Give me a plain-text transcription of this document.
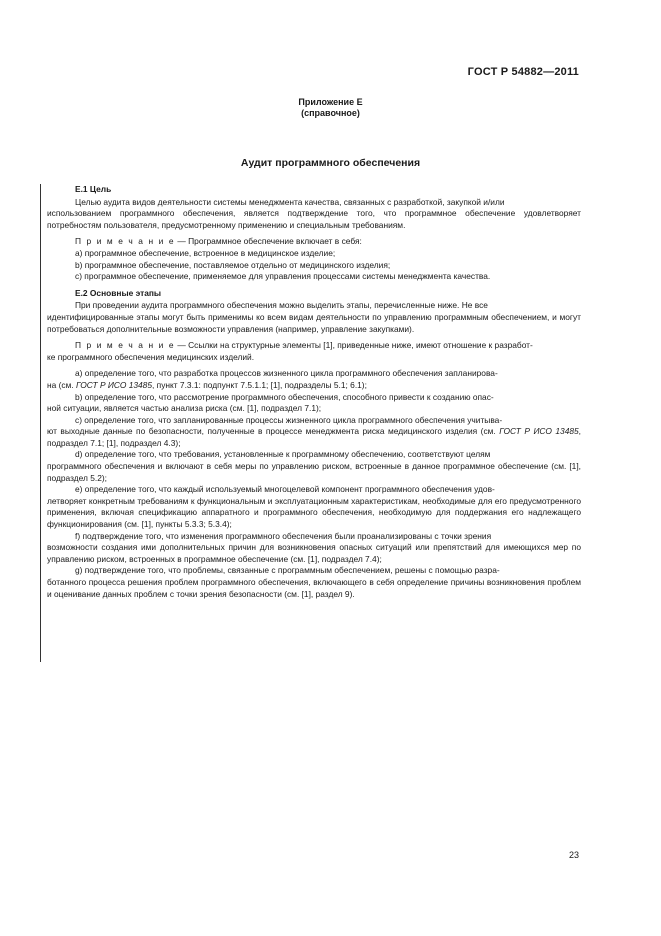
ГОСТ Р 54882—2011
Приложение Е
(справочное)
Аудит программного обеспечения

Е.1 Цель

Целью аудита видов деятельности системы менеджмента качества, связанных с разработкой, закупкой и/или

использованием программного обеспечения, является подтверждение того, что программное обеспечение удовлетворяет потребностям пользователя, предусмотренному применению и специальным требованиям.

П р и м е ч а н и е — Программное обеспечение включает в себя:

a) программное обеспечение, встроенное в медицинское изделие;

b) программное обеспечение, поставляемое отдельно от медицинского изделия;

c) программное обеспечение, применяемое для управления процессами системы менеджмента качества.

Е.2 Основные этапы

При проведении аудита программного обеспечения можно выделить этапы, перечисленные ниже. Не все

идентифицированные этапы могут быть применимы ко всем видам деятельности по управлению программным обеспечением, и могут потребоваться дополнительные возможности управления (например, управление закупками).

П р и м е ч а н и е — Ссылки на структурные элементы [1], приведенные ниже, имеют отношение к разработ-

ке программного обеспечения медицинских изделий.

a) определение того, что разработка процессов жизненного цикла программного обеспечения запланирова-

на (см. ГОСТ Р ИСО 13485, пункт 7.3.1: подпункт 7.5.1.1; [1], подразделы 5.1; 6.1);

b) определение того, что рассмотрение программного обеспечения, способного привести к созданию опас-

ной ситуации, является частью анализа риска (см. [1], подраздел 7.1);

c) определение того, что запланированные процессы жизненного цикла программного обеспечения учитыва-

ют выходные данные по безопасности, полученные в процессе менеджмента риска медицинского изделия (см. ГОСТ Р ИСО 13485, подраздел 7.1; [1], подраздел 4.3);

d) определение того, что требования, установленные к программному обеспечению, соответствуют целям

программного обеспечения и включают в себя меры по управлению риском, встроенные в данное программное обеспечение (см. [1], подраздел 5.2);

e) определение того, что каждый используемый многоцелевой компонент программного обеспечения удов-

летворяет конкретным требованиям к функциональным и эксплуатационным характеристикам, необходимые для его предусмотренного применения, включая спецификацию аппаратного и программного обеспечения, необходимую для поддержания его надлежащего функционирования (см. [1], пункты 5.3.3; 5.3.4);

f) подтверждение того, что изменения программного обеспечения были проанализированы с точки зрения

возможности создания ими дополнительных причин для возникновения опасных ситуаций или препятствий для имеющихся мер по управлению риском, встроенных в программное обеспечение (см. [1], подраздел 7.4);

g) подтверждение того, что проблемы, связанные с программным обеспечением, решены с помощью разра-

ботанного процесса решения проблем программного обеспечения, включающего в себя определение причины возникновения проблем и оценивание данных проблем с точки зрения безопасности (см. [1], раздел 9).

23
